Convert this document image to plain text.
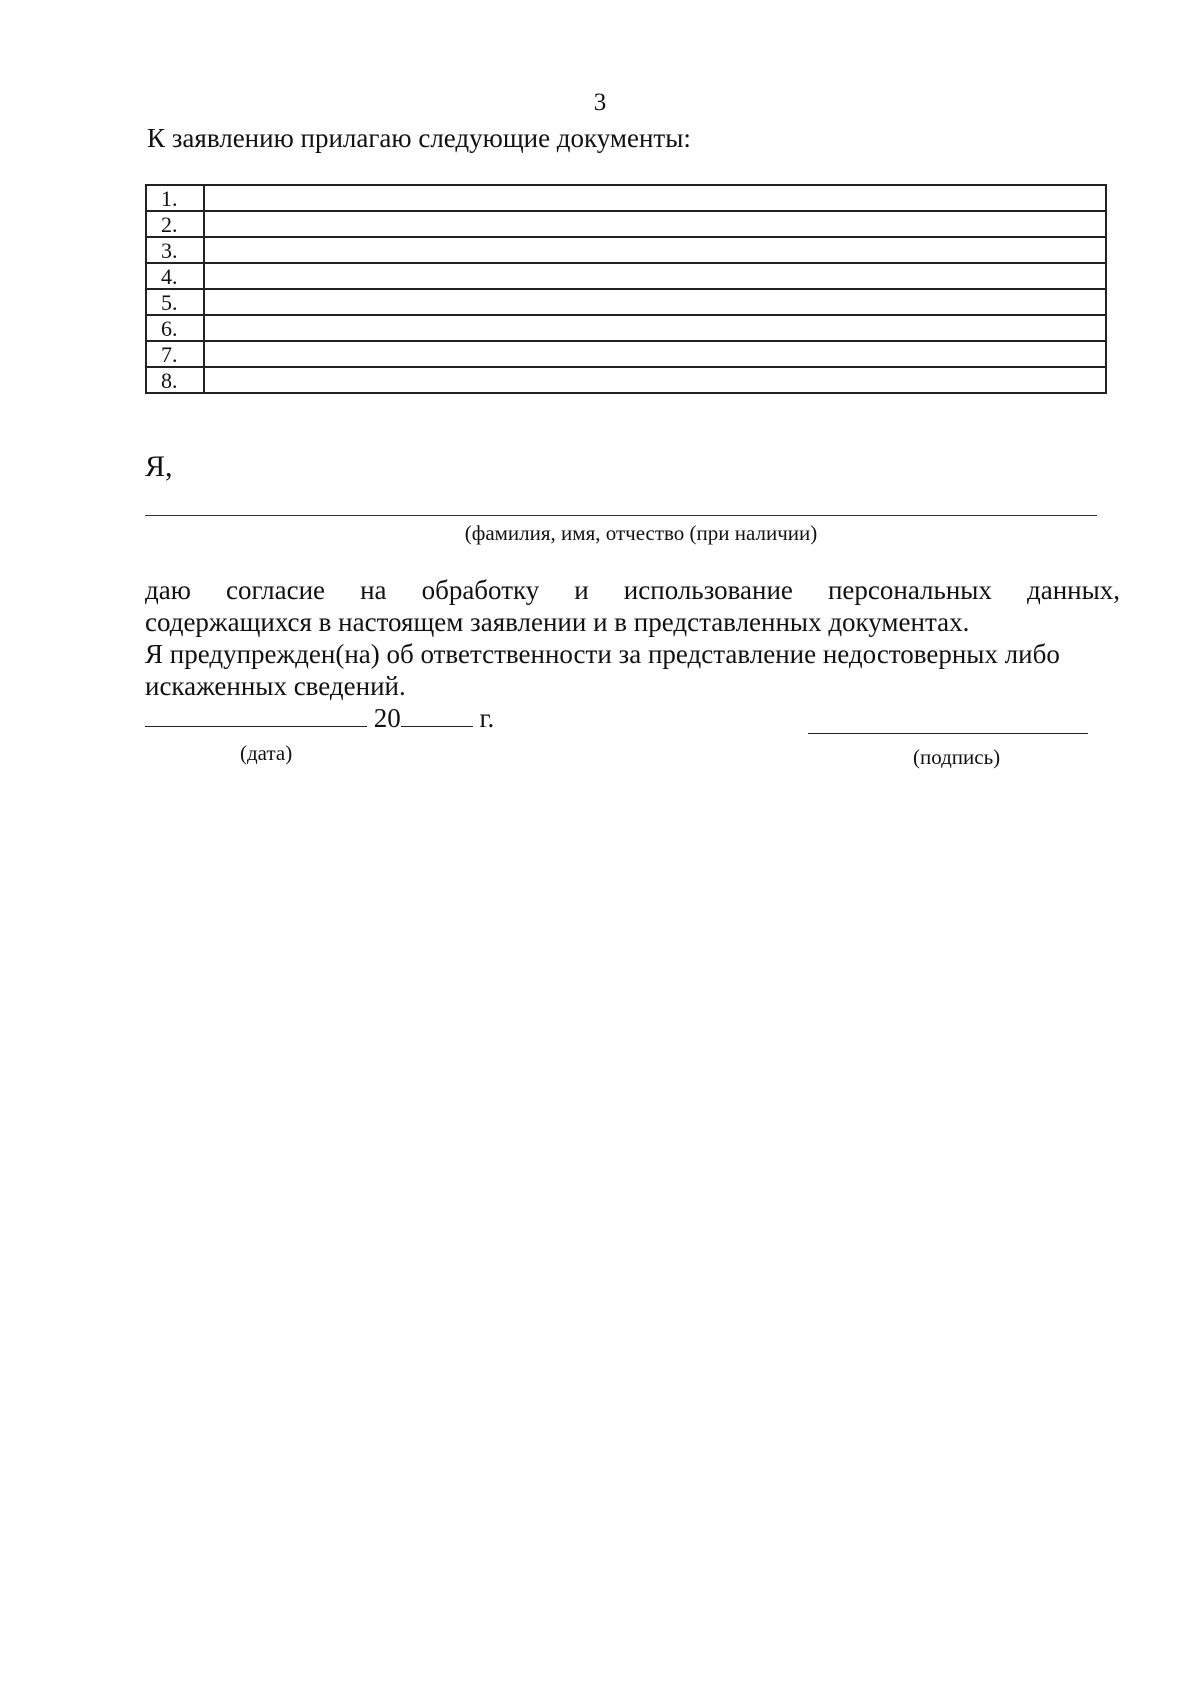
3
К заявлению прилагаю следующие документы:
1.	
2.	
3.	
4.	
5.	
6.	
7.	
8.	
Я,
(фамилия, имя, отчество (при наличии)

даю согласие на обработку и использование персональных данных,

содержащихся в настоящем заявлении и в представленных документах.

Я предупрежден(на) об ответственности за представление недостоверных либо

искаженных сведений.

20	г.
(дата)	(подпись)
